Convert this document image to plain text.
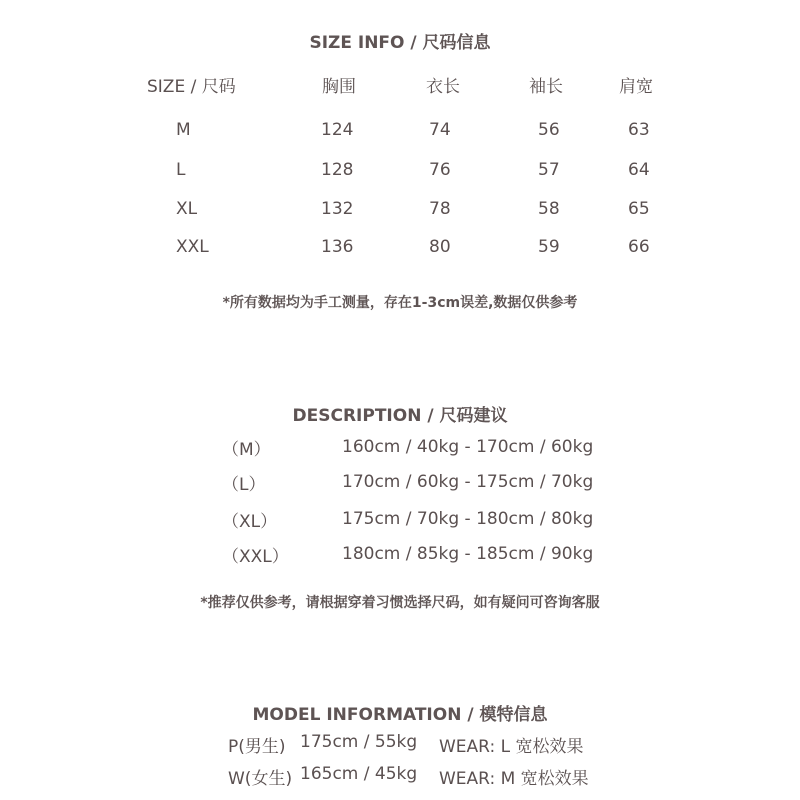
SIZE INFO / 尺码信息
SIZE / 尺码	胸围	衣长	袖长	肩宽
M	124	74	56	63
L	128	76	57	64
XL	132	78	58	65
XXL	136	80	59	66
*所有数据均为手工测量，存在1-3cm误差,数据仅供参考
DESCRIPTION / 尺码建议
（M）	160cm / 40kg - 170cm / 60kg
（L）	170cm / 60kg - 175cm / 70kg
（XL）	175cm / 70kg - 180cm / 80kg
（XXL）	180cm / 85kg - 185cm / 90kg
*推荐仅供参考，请根据穿着习惯选择尺码，如有疑问可咨询客服
MODEL INFORMATION / 模特信息
P(男生) 175cm / 55kg WEAR: L 宽松效果
W(女生) 165cm / 45kg WEAR: M 宽松效果
